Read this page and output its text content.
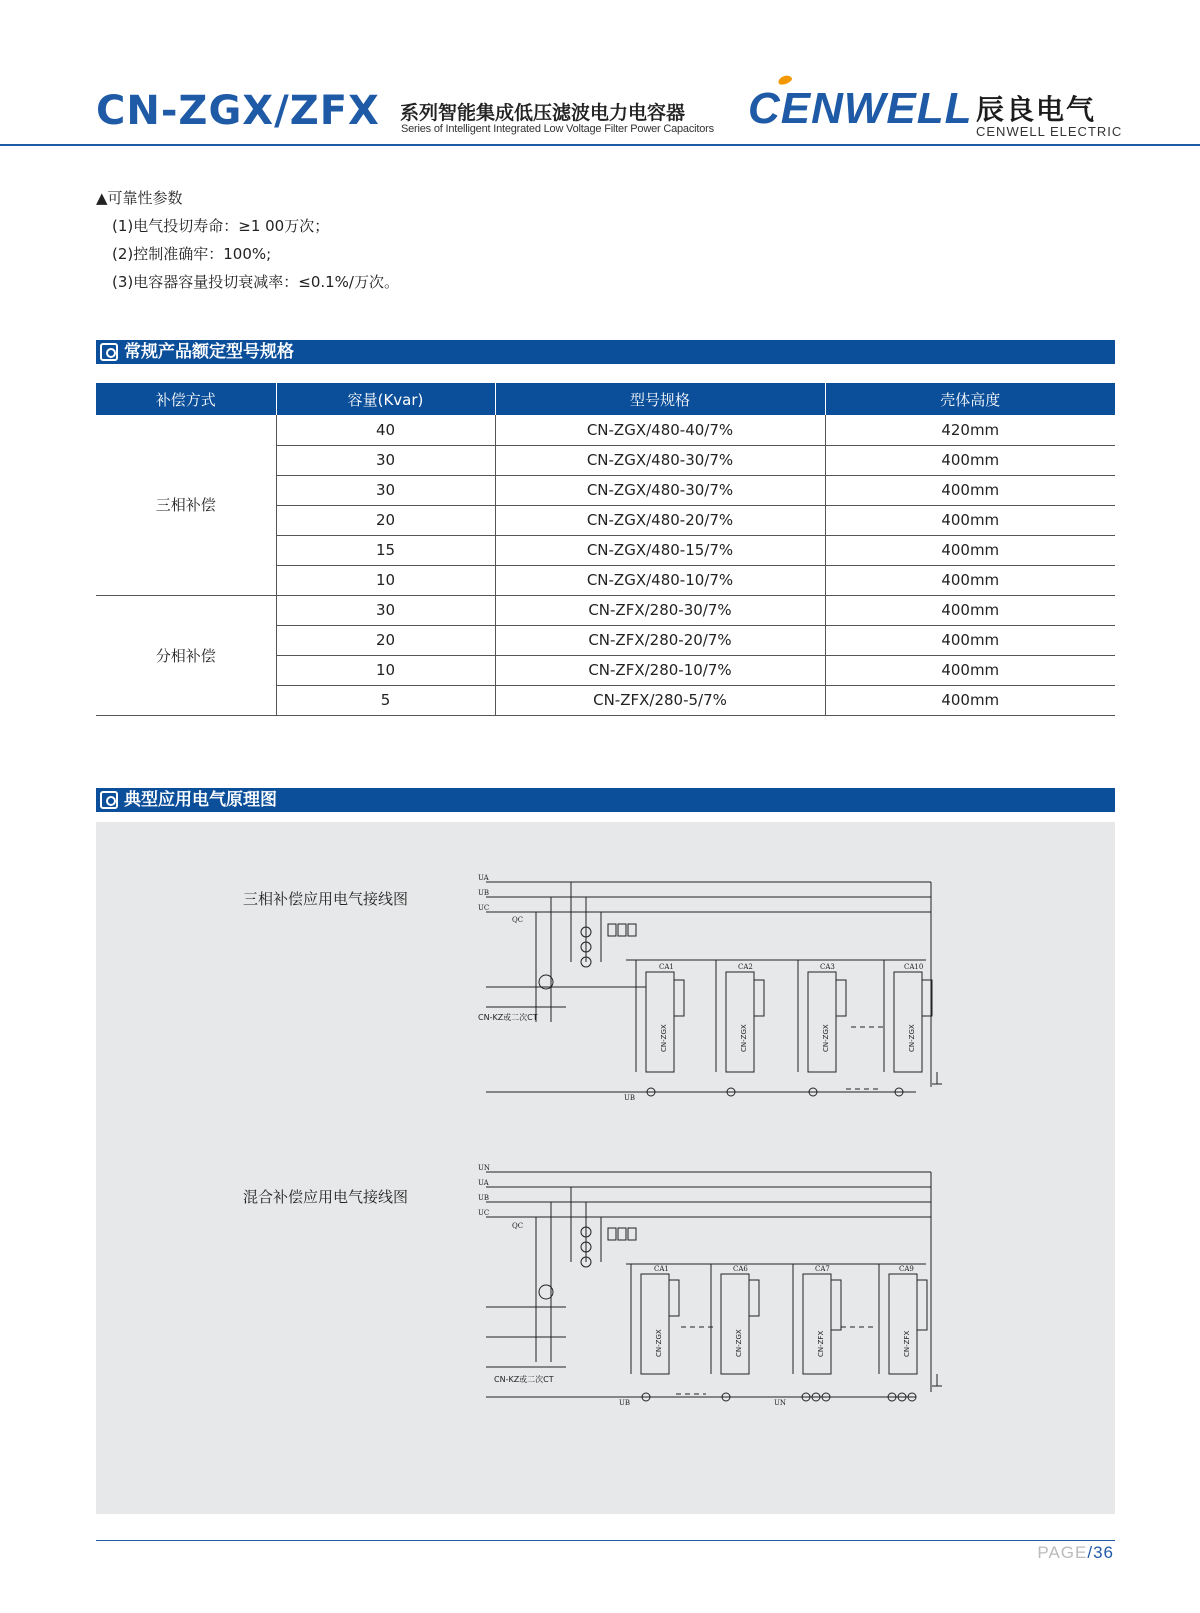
CN-ZGX/ZFX 系列智能集成低压滤波电力电容器
Series of Intelligent Integrated Low Voltage Filter Power Capacitors CENWELL 辰良电气
CENWELL ELECTRIC
▲可靠性参数
(1)电气投切寿命：≥1 00万次；
(2)控制准确牢：100%;
(3)电容器容量投切衰减率：≤0.1%/万次。
常规产品额定型号规格
补偿方式	容量(Kvar)	型号规格	壳体高度
三相补偿	40	CN-ZGX/480-40/7%	420mm
	30	CN-ZGX/480-30/7%	400mm
	30	CN-ZGX/480-30/7%	400mm
	20	CN-ZGX/480-20/7%	400mm
	15	CN-ZGX/480-15/7%	400mm
	10	CN-ZGX/480-10/7%	400mm
分相补偿	30	CN-ZFX/280-30/7%	400mm
	20	CN-ZFX/280-20/7%	400mm
	10	CN-ZFX/280-10/7%	400mm
	5	CN-ZFX/280-5/7%	400mm
典型应用电气原理图
三相补偿应用电气接线图
混合补偿应用电气接线图
UA
UB
UC
QC
CA1	CA2	CA3	CA10
UB
CN-ZGX	CN-ZGX	CN-ZGX	CN-ZGX
CN-KZ或二次CT
UN
UA
UB
UC
QC
CA1	CA6	CA7	CA9
UB	UN
CN-ZGX	CN-ZGX	CN-ZFX	CN-ZFX
CN-KZ或二次CT
PAGE/36
